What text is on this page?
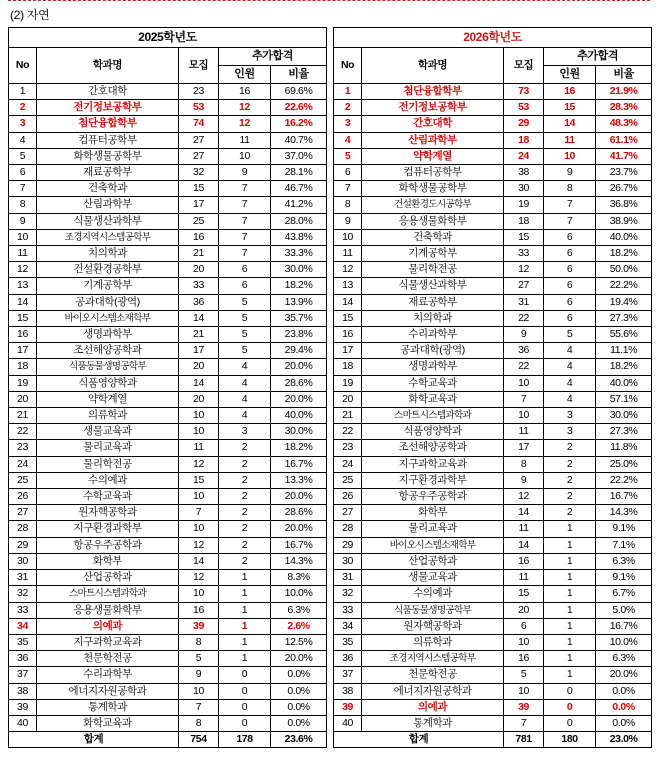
(2) 자연
2025학년도				
No	학과명	모집	추가합격	
			인원	비율
1	간호대학	23	16	69.6%
2	전기정보공학부	53	12	22.6%
3	첨단융합학부	74	12	16.2%
4	컴퓨터공학부	27	11	40.7%
5	화학생물공학부	27	10	37.0%
6	재료공학부	32	9	28.1%
7	건축학과	15	7	46.7%
8	산림과학부	17	7	41.2%
9	식물생산과학부	25	7	28.0%
10	조경지역시스템공학부	16	7	43.8%
11	치의학과	21	7	33.3%
12	건설환경공학부	20	6	30.0%
13	기계공학부	33	6	18.2%
14	공과대학(광역)	36	5	13.9%
15	바이오시스템소재학부	14	5	35.7%
16	생명과학부	21	5	23.8%
17	조선해양공학과	17	5	29.4%
18	식품동물생명공학부	20	4	20.0%
19	식품영양학과	14	4	28.6%
20	약학계열	20	4	20.0%
21	의류학과	10	4	40.0%
22	생물교육과	10	3	30.0%
23	물리교육과	11	2	18.2%
24	물리학전공	12	2	16.7%
25	수의예과	15	2	13.3%
26	수학교육과	10	2	20.0%
27	원자핵공학과	7	2	28.6%
28	지구환경과학부	10	2	20.0%
29	항공우주공학과	12	2	16.7%
30	화학부	14	2	14.3%
31	산업공학과	12	1	8.3%
32	스마트시스템과학과	10	1	10.0%
33	응용생물화학부	16	1	6.3%
34	의예과	39	1	2.6%
35	지구과학교육과	8	1	12.5%
36	천문학전공	5	1	20.0%
37	수리과학부	9	0	0.0%
38	에너지자원공학과	10	0	0.0%
39	통계학과	7	0	0.0%
40	화학교육과	8	0	0.0%
합계		754	178	23.6%
2026학년도				
No	학과명	모집	추가합격	
			인원	비율
1	첨단융합학부	73	16	21.9%
2	전기정보공학부	53	15	28.3%
3	간호대학	29	14	48.3%
4	산림과학부	18	11	61.1%
5	약학계열	24	10	41.7%
6	컴퓨터공학부	38	9	23.7%
7	화학생물공학부	30	8	26.7%
8	건설환경도시공학부	19	7	36.8%
9	응용생물화학부	18	7	38.9%
10	건축학과	15	6	40.0%
11	기계공학부	33	6	18.2%
12	물리학전공	12	6	50.0%
13	식물생산과학부	27	6	22.2%
14	재료공학부	31	6	19.4%
15	치의학과	22	6	27.3%
16	수리과학부	9	5	55.6%
17	공과대학(광역)	36	4	11.1%
18	생명과학부	22	4	18.2%
19	수학교육과	10	4	40.0%
20	화학교육과	7	4	57.1%
21	스마트시스템과학과	10	3	30.0%
22	식품영양학과	11	3	27.3%
23	조선해양공학과	17	2	11.8%
24	지구과학교육과	8	2	25.0%
25	지구환경과학부	9	2	22.2%
26	항공우주공학과	12	2	16.7%
27	화학부	14	2	14.3%
28	물리교육과	11	1	9.1%
29	바이오시스템소재학부	14	1	7.1%
30	산업공학과	16	1	6.3%
31	생물교육과	11	1	9.1%
32	수의예과	15	1	6.7%
33	식품동물생명공학부	20	1	5.0%
34	원자핵공학과	6	1	16.7%
35	의류학과	10	1	10.0%
36	조경지역시스템공학부	16	1	6.3%
37	천문학전공	5	1	20.0%
38	에너지자원공학과	10	0	0.0%
39	의예과	39	0	0.0%
40	통계학과	7	0	0.0%
합계		781	180	23.0%
